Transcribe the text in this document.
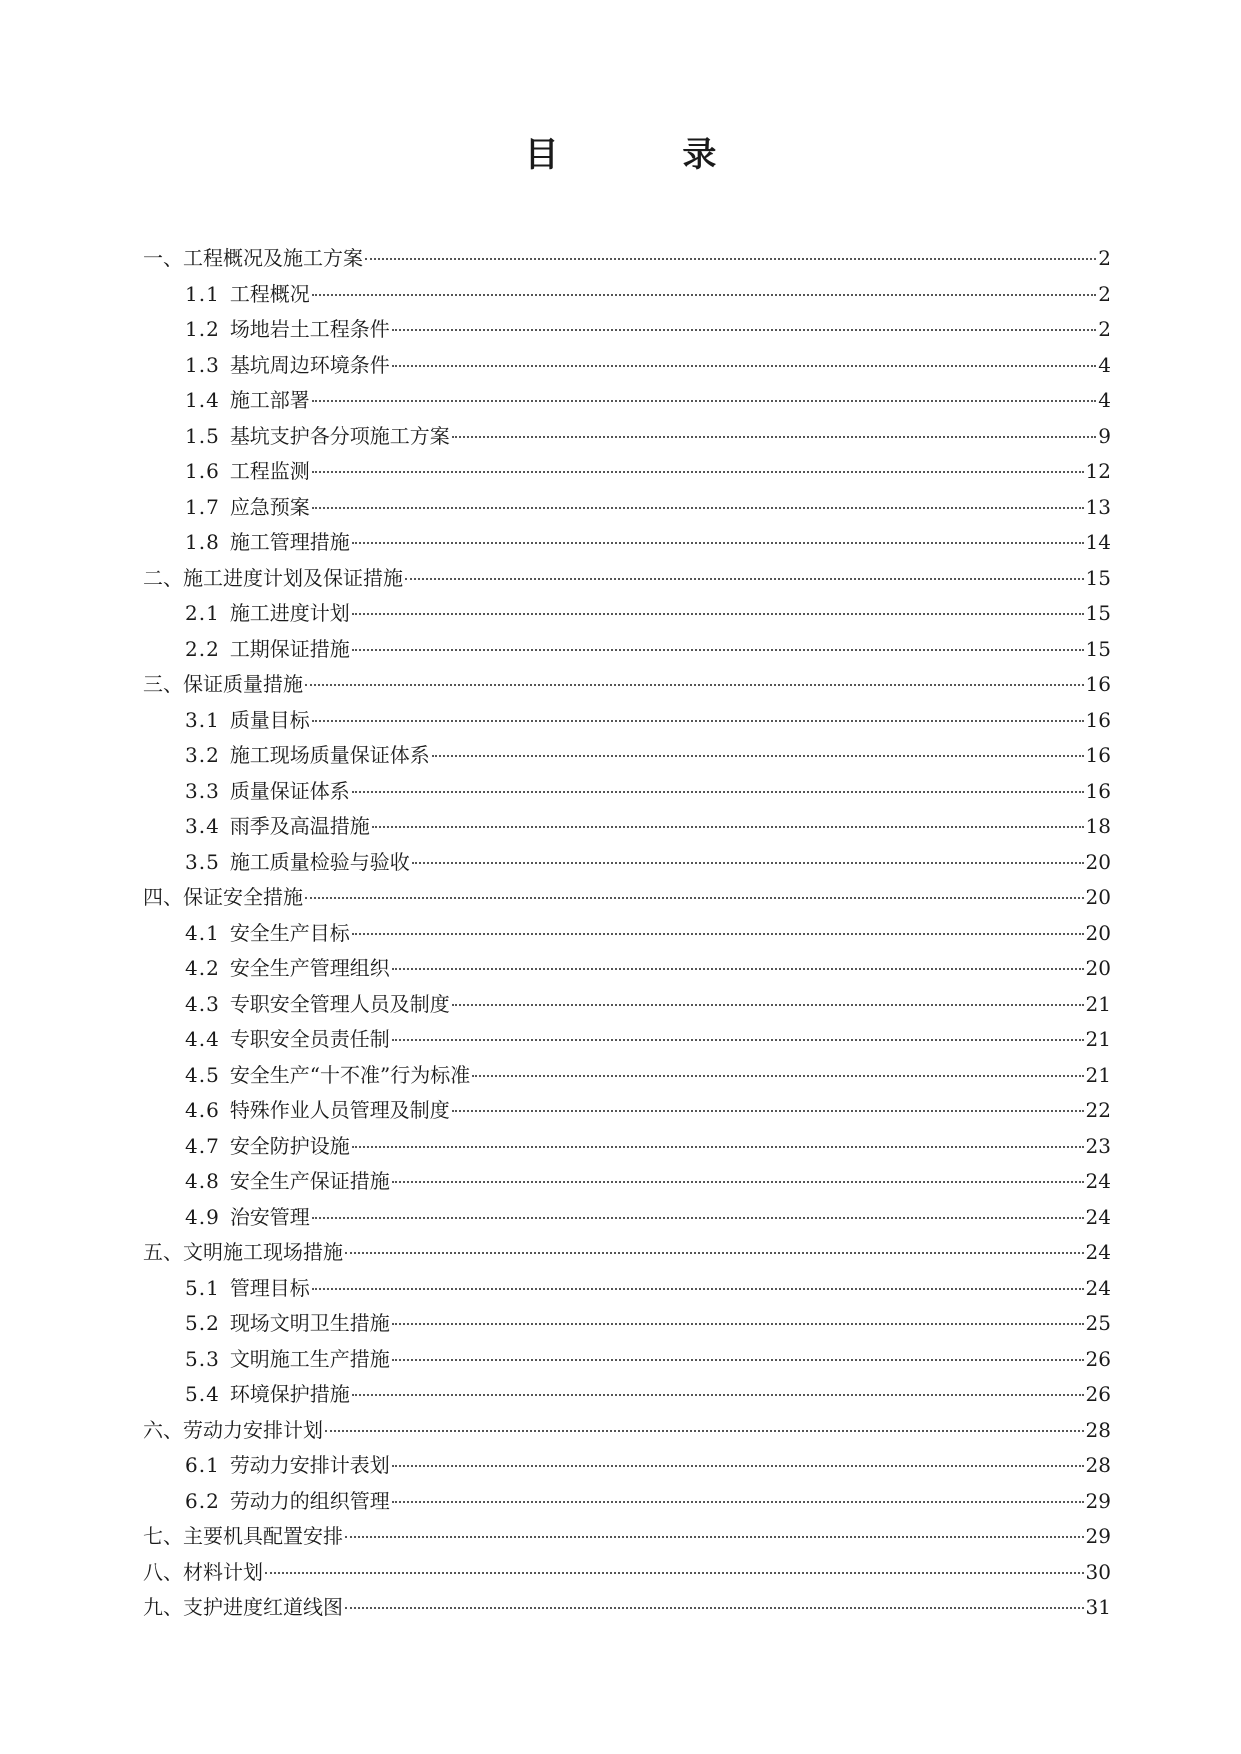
目 录
一、 工程概况及施工方案	2
1.1 工程概况	2
1.2 场地岩土工程条件	2
1.3 基坑周边环境条件	4
1.4 施工部署	4
1.5 基坑支护各分项施工方案	9
1.6 工程监测	12
1.7 应急预案	13
1.8 施工管理措施	14
二、 施工进度计划及保证措施	15
2.1 施工进度计划	15
2.2 工期保证措施	15
三、 保证质量措施	16
3.1 质量目标	16
3.2 施工现场质量保证体系	16
3.3 质量保证体系	16
3.4 雨季及高温措施	18
3.5 施工质量检验与验收	20
四、 保证安全措施	20
4.1 安全生产目标	20
4.2 安全生产管理组织	20
4.3 专职安全管理人员及制度	21
4.4 专职安全员责任制	21
4.5 安全生产“十不准”行为标准	21
4.6 特殊作业人员管理及制度	22
4.7 安全防护设施	23
4.8 安全生产保证措施	24
4.9 治安管理	24
五、 文明施工现场措施	24
5.1 管理目标	24
5.2 现场文明卫生措施	25
5.3 文明施工生产措施	26
5.4 环境保护措施	26
六、 劳动力安排计划	28
6.1 劳动力安排计表划	28
6.2 劳动力的组织管理	29
七、 主要机具配置安排	29
八、 材料计划	30
九、 支护进度红道线图	31
